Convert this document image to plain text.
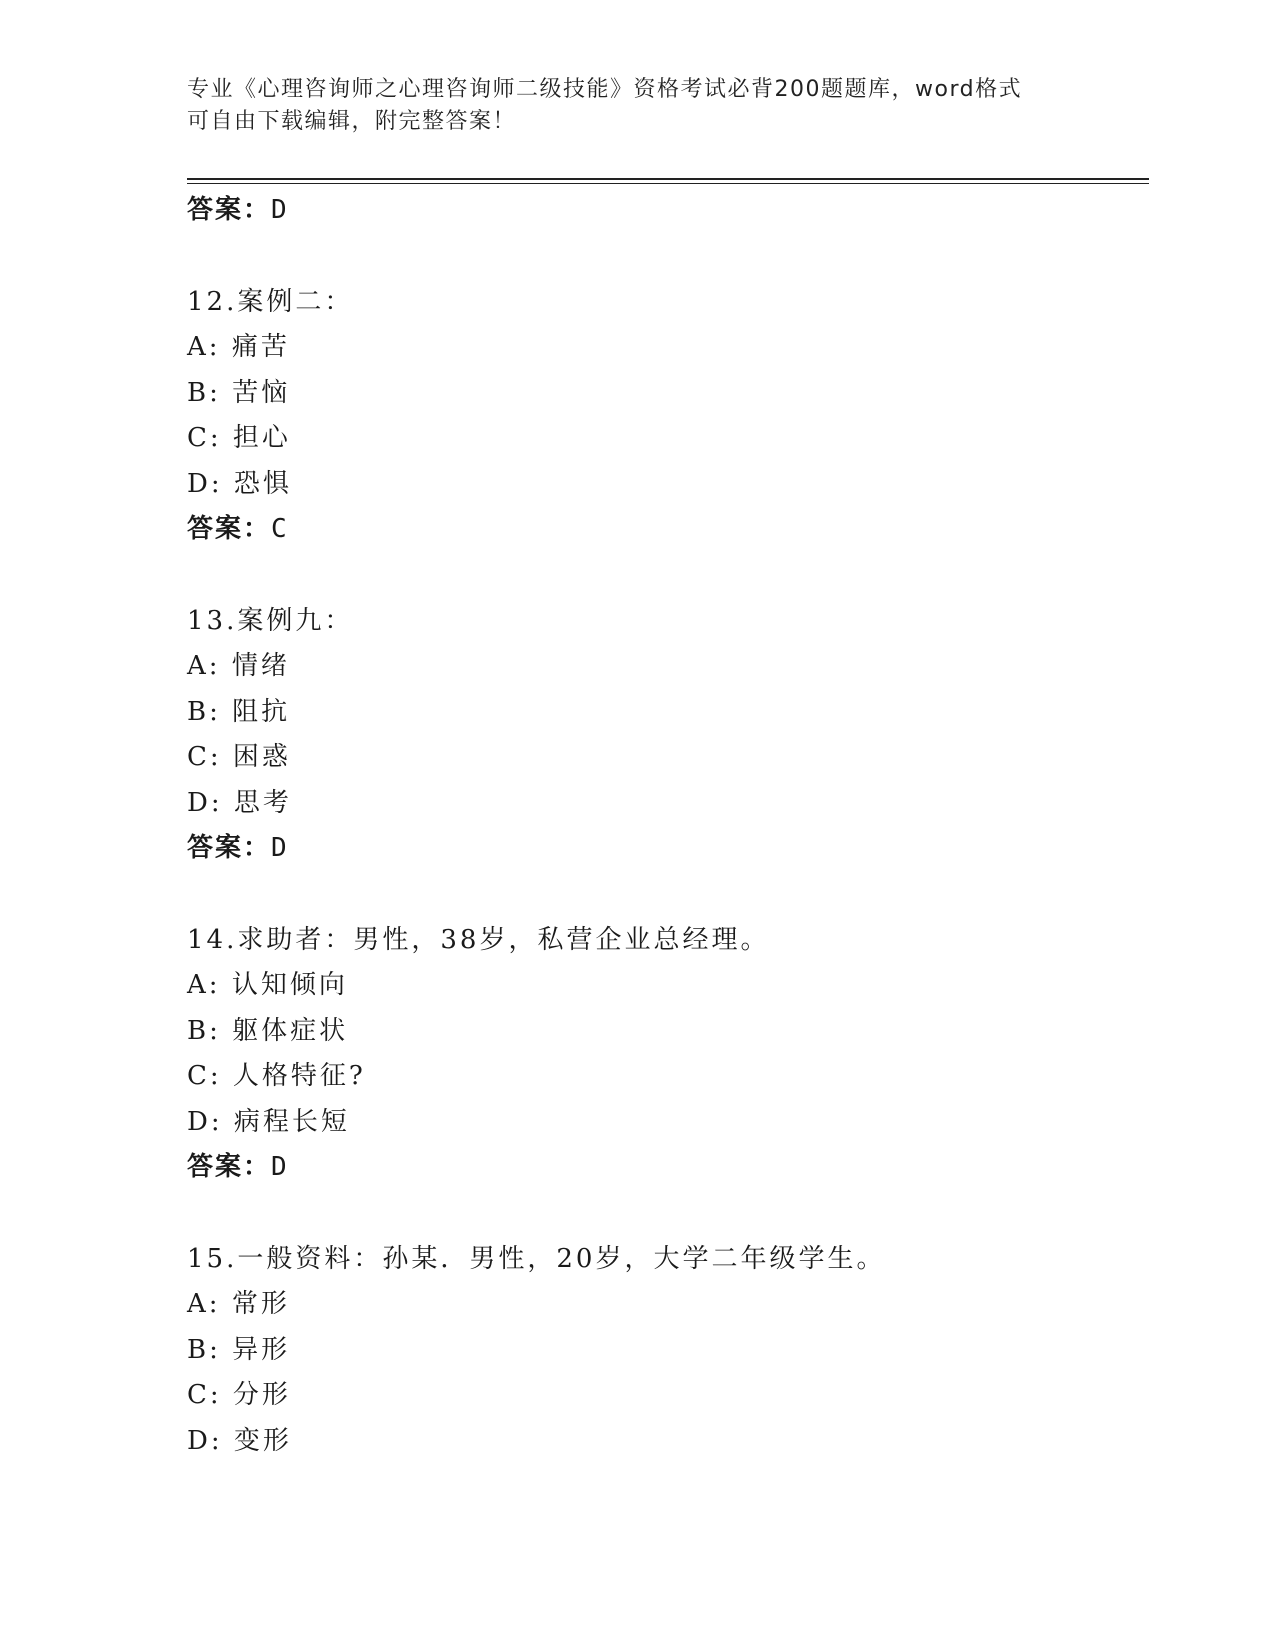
专业《心理咨询师之心理咨询师二级技能》资格考试必背200题题库，word格式
可自由下载编辑，附完整答案！
答案：D
12.案例二：
A: 痛苦
B: 苦恼
C: 担心
D: 恐惧
答案：C
13.案例九：
A: 情绪
B: 阻抗
C: 困惑
D: 思考
答案：D
14.求助者：男性，38岁，私营企业总经理。
A: 认知倾向
B: 躯体症状
C: 人格特征?
D: 病程长短
答案：D
15.一般资料：孙某．男性，20岁，大学二年级学生。
A: 常形
B: 异形
C: 分形
D: 变形
